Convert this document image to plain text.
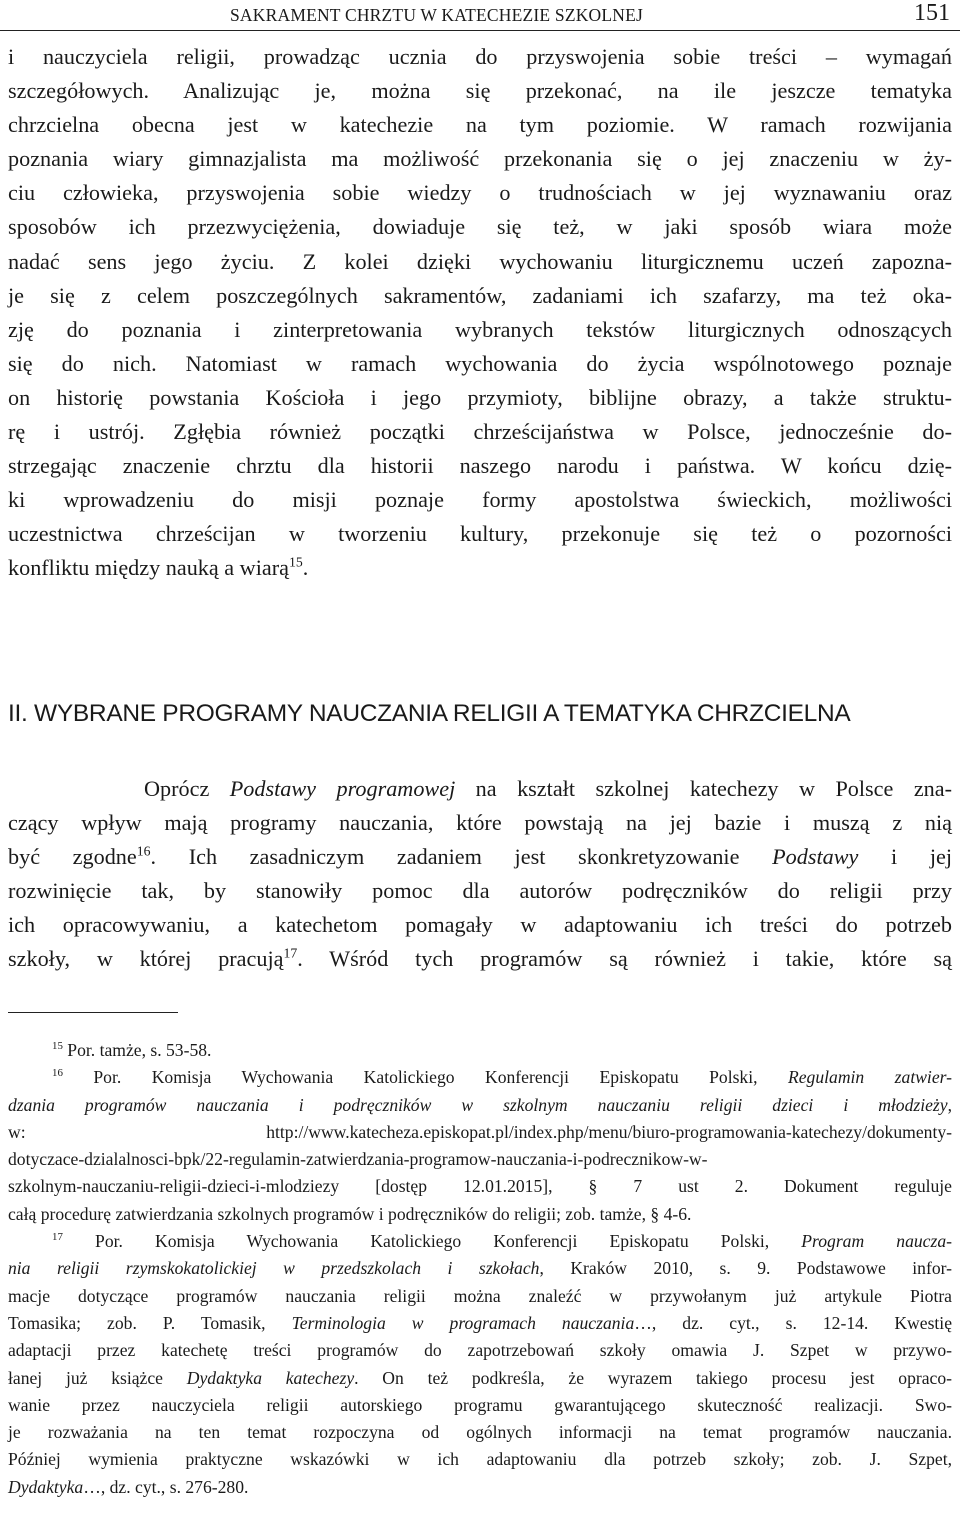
SAKRAMENT CHRZTU W KATECHEZIE SZKOLNEJ	151
i nauczyciela religii, prowadząc ucznia do przyswojenia sobie treści – wymagań
szczegółowych. Analizując je, można się przekonać, na ile jeszcze tematyka
chrzcielna obecna jest w katechezie na tym poziomie. W ramach rozwijania
poznania wiary gimnazjalista ma możliwość przekonania się o jej znaczeniu w ży-
ciu człowieka, przyswojenia sobie wiedzy o trudnościach w jej wyznawaniu oraz
sposobów ich przezwyciężenia, dowiaduje się też, w jaki sposób wiara może
nadać sens jego życiu. Z kolei dzięki wychowaniu liturgicznemu uczeń zapozna-
je się z celem poszczególnych sakramentów, zadaniami ich szafarzy, ma też oka-
zję do poznania i zinterpretowania wybranych tekstów liturgicznych odnoszących
się do nich. Natomiast w ramach wychowania do życia wspólnotowego poznaje
on historię powstania Kościoła i jego przymioty, biblijne obrazy, a także struktu-
rę i ustrój. Zgłębia również początki chrześcijaństwa w Polsce, jednocześnie do-
strzegając znaczenie chrztu dla historii naszego narodu i państwa. W końcu dzię-
ki wprowadzeniu do misji poznaje formy apostolstwa świeckich, możliwości
uczestnictwa chrześcijan w tworzeniu kultury, przekonuje się też o pozorności
konfliktu między nauką a wiarą$^{15}$.
II. WYBRANE PROGRAMY NAUCZANIA RELIGII A TEMATYKA CHRZCIELNA
Oprócz Podstawy programowej na kształt szkolnej katechezy w Polsce zna-
czący wpływ mają programy nauczania, które powstają na jej bazie i muszą z nią
być zgodne$^{16}$. Ich zasadniczym zadaniem jest skonkretyzowanie Podstawy i jej
rozwinięcie tak, by stanowiły pomoc dla autorów podręczników do religii przy
ich opracowywaniu, a katechetom pomagały w adaptowaniu ich treści do potrzeb
szkoły, w której pracują$^{17}$. Wśród tych programów są również i takie, które są
$^{15}$ Por. tamże, s. 53-58.
$^{16}$ Por. Komisja Wychowania Katolickiego Konferencji Episkopatu Polski, Regulamin zatwier-
dzania programów nauczania i podręczników w szkolnym nauczaniu religii dzieci i młodzieży,
w: http://www.katecheza.episkopat.pl/index.php/menu/biuro-programowania-katechezy/dokumenty-
dotyczace-dzialalnosci-bpk/22-regulamin-zatwierdzania-programow-nauczania-i-podrecznikow-w-
szkolnym-nauczaniu-religii-dzieci-i-mlodziezy [dostęp 12.01.2015], § 7 ust 2. Dokument reguluje
całą procedurę zatwierdzania szkolnych programów i podręczników do religii; zob. tamże, § 4-6.
$^{17}$ Por. Komisja Wychowania Katolickiego Konferencji Episkopatu Polski, Program naucza-
nia religii rzymskokatolickiej w przedszkolach i szkołach, Kraków 2010, s. 9. Podstawowe infor-
macje dotyczące programów nauczania religii można znaleźć w przywołanym już artykule Piotra
Tomasika; zob. P. Tomasik, Terminologia w programach nauczania…, dz. cyt., s. 12-14. Kwestię
adaptacji przez katechetę treści programów do zapotrzebowań szkoły omawia J. Szpet w przywo-
łanej już książce Dydaktyka katechezy. On też podkreśla, że wyrazem takiego procesu jest opraco-
wanie przez nauczyciela religii autorskiego programu gwarantującego skuteczność realizacji. Swo-
je rozważania na ten temat rozpoczyna od ogólnych informacji na temat programów nauczania.
Później wymienia praktyczne wskazówki w ich adaptowaniu dla potrzeb szkoły; zob. J. Szpet,
Dydaktyka…, dz. cyt., s. 276-280.
